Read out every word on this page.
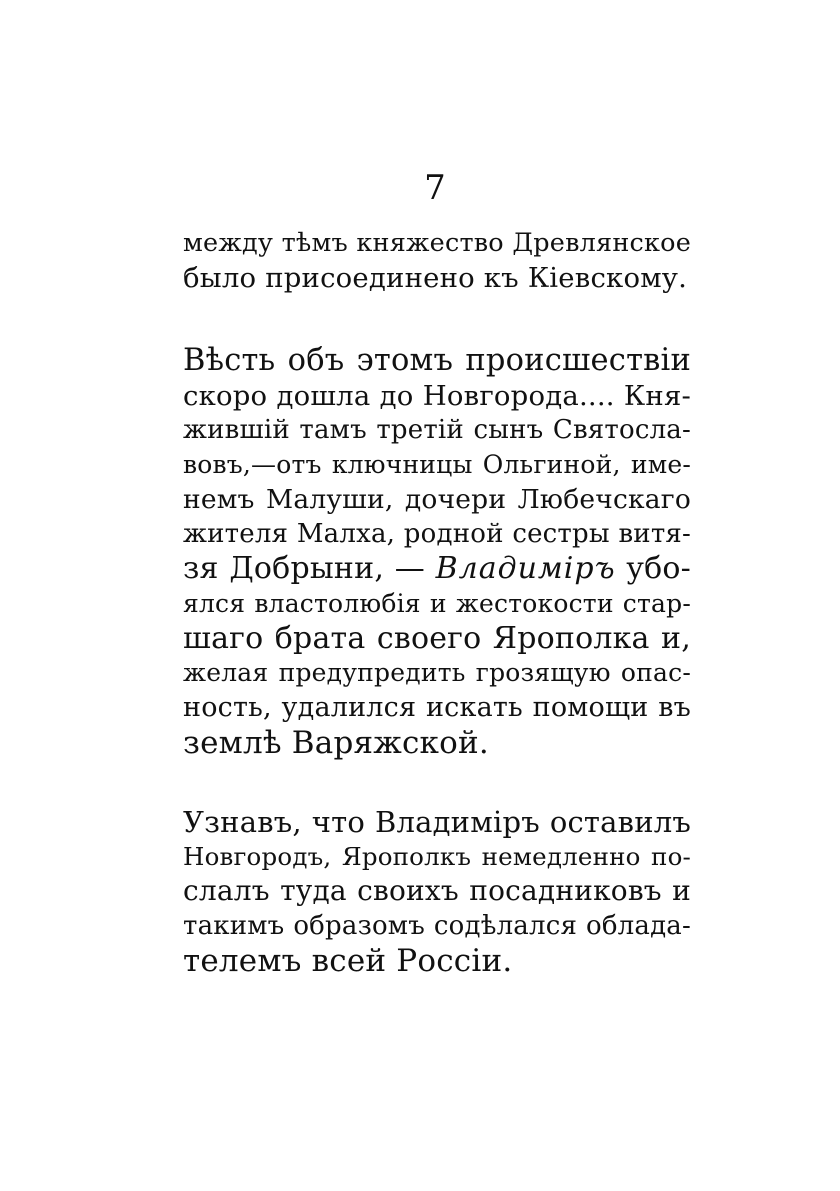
7
между тѣмъ княжество Древлянское
было присоединено къ Кіевскому.
Вѣсть объ этомъ происшествіи
скоро дошла до Новгорода.... Кня-
жившій тамъ третій сынъ Святосла-
вовъ,—отъ ключницы Ольгиной, име-
немъ Малуши, дочери Любечскаго
жителя Малха, родной сестры витя-
зя Добрыни, — Владиміръ убо-
ялся властолюбія и жестокости стар-
шаго брата своего Ярополка и,
желая предупредить грозящую опас-
ность, удалился искать помощи въ
землѣ Варяжской.
Узнавъ, что Владиміръ оставилъ
Новгородъ, Ярополкъ немедленно по-
слалъ туда своихъ посадниковъ и
такимъ образомъ содѣлался облада-
телемъ всей Россіи.
